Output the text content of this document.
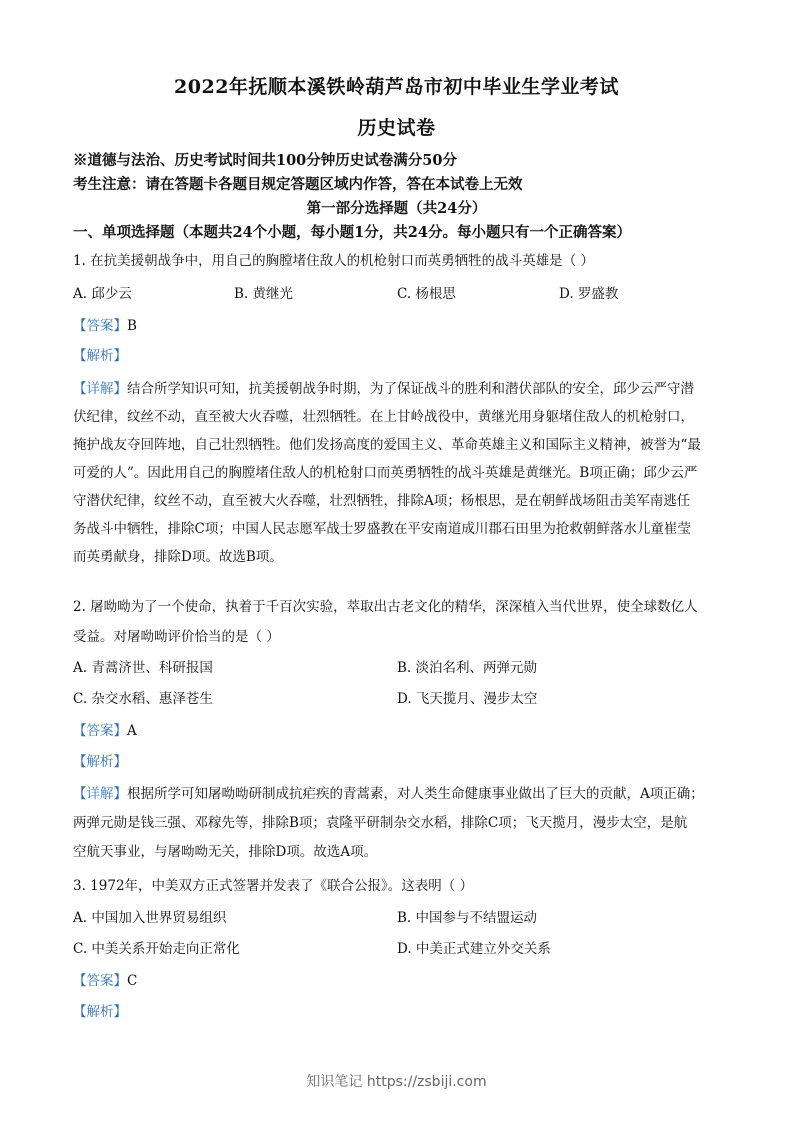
2022年抚顺本溪铁岭葫芦岛市初中毕业生学业考试
历史试卷
※道德与法治、历史考试时间共100分钟历史试卷满分50分
考生注意：请在答题卡各题目规定答题区域内作答，答在本试卷上无效
第一部分选择题（共24分）
一、单项选择题（本题共24个小题，每小题1分，共24分。每小题只有一个正确答案）
1. 在抗美援朝战争中，用自己的胸膛堵住敌人的机枪射口而英勇牺牲的战斗英雄是（ ）
A. 邱少云	B. 黄继光	C. 杨根思	D. 罗盛教
【答案】B
【解析】
【详解】结合所学知识可知，抗美援朝战争时期，为了保证战斗的胜利和潜伏部队的安全，邱少云严守潜
伏纪律，纹丝不动，直至被大火吞噬，壮烈牺牲。在上甘岭战役中，黄继光用身躯堵住敌人的机枪射口，
掩护战友夺回阵地，自己壮烈牺牲。他们发扬高度的爱国主义、革命英雄主义和国际主义精神，被誉为“最
可爱的人”。因此用自己的胸膛堵住敌人的机枪射口而英勇牺牲的战斗英雄是黄继光。B项正确；邱少云严
守潜伏纪律，纹丝不动，直至被大火吞噬，壮烈牺牲，排除A项；杨根思，是在朝鲜战场阻击美军南逃任
务战斗中牺牲，排除C项；中国人民志愿军战士罗盛教在平安南道成川郡石田里为抢救朝鲜落水儿童崔莹
而英勇献身，排除D项。故选B项。
2. 屠呦呦为了一个使命，执着于千百次实验，萃取出古老文化的精华，深深植入当代世界，使全球数亿人
受益。对屠呦呦评价恰当的是（ ）
A. 青蒿济世、科研报国	B. 淡泊名利、两弹元勋
C. 杂交水稻、惠泽苍生	D. 飞天揽月、漫步太空
【答案】A
【解析】
【详解】根据所学可知屠呦呦研制成抗疟疾的青蒿素，对人类生命健康事业做出了巨大的贡献，A项正确；
两弹元勋是钱三强、邓稼先等，排除B项；袁隆平研制杂交水稻，排除C项；飞天揽月，漫步太空，是航
空航天事业，与屠呦呦无关，排除D项。故选A项。
3. 1972年，中美双方正式签署并发表了《联合公报》。这表明（ ）
A. 中国加入世界贸易组织	B. 中国参与不结盟运动
C. 中美关系开始走向正常化	D. 中美正式建立外交关系
【答案】C
【解析】
知识笔记 https://zsbiji.com
